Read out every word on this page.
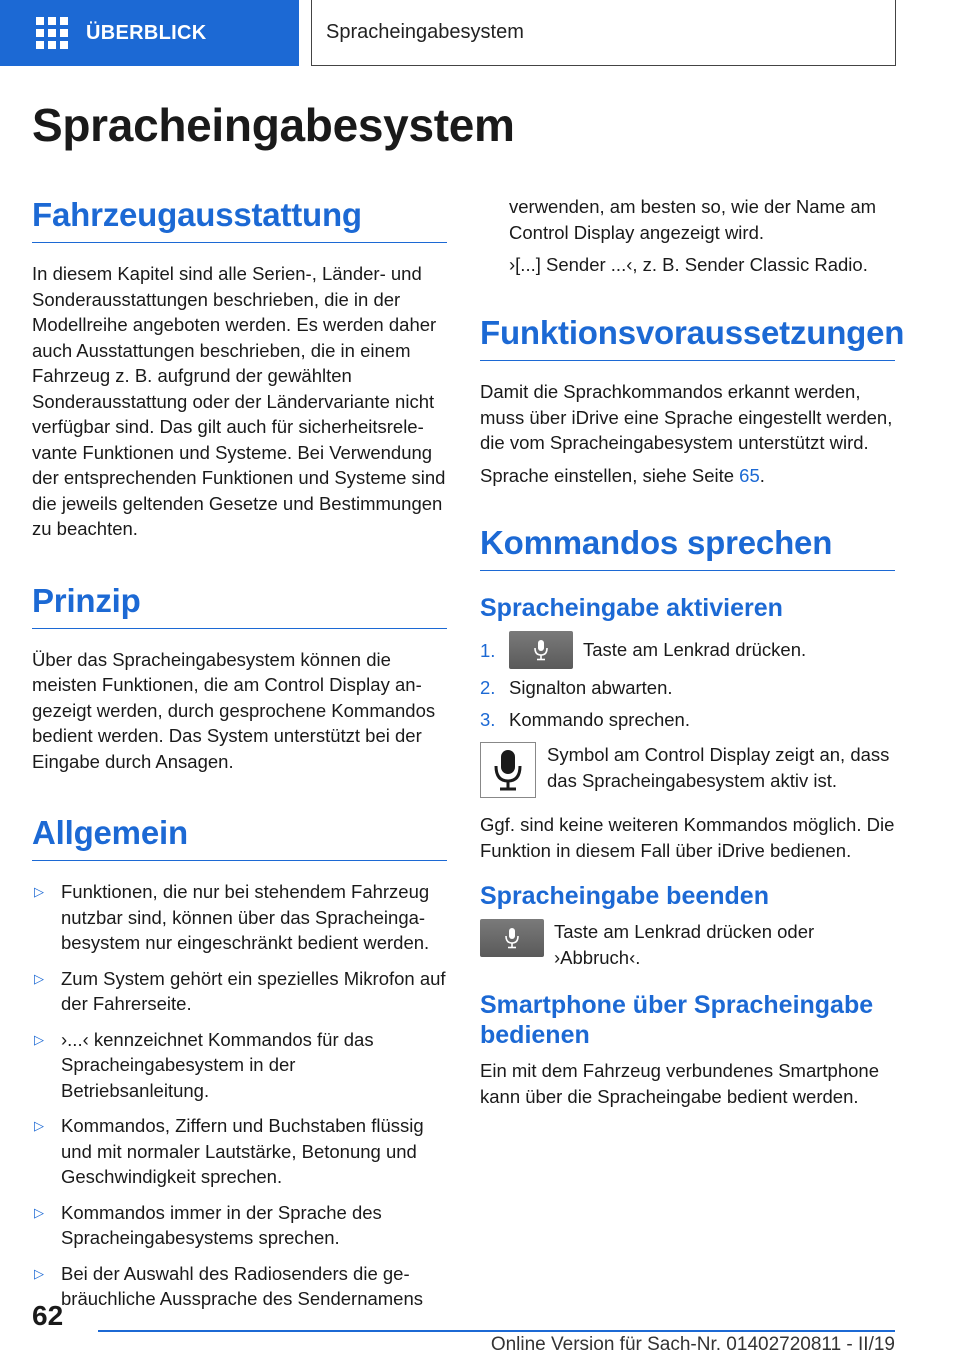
ÜBERBLICK	Spracheingabesystem
Spracheingabesystem
Fahrzeugausstattung

In diesem Kapitel sind alle Serien-, Länder- und Sonderausstattungen beschrieben, die in der Modellreihe angeboten werden. Es werden daher auch Ausstattungen beschrieben, die in einem Fahrzeug z. B. aufgrund der gewählten Sonderausstattung oder der Ländervariante nicht verfügbar sind. Das gilt auch für sicherheitsrelevante Funktionen und Systeme. Bei Verwendung der entsprechenden Funktionen und Systeme sind die jeweils geltenden Gesetze und Bestimmungen zu beachten.

Prinzip

Über das Spracheingabesystem können die meisten Funktionen, die am Control Display angezeigt werden, durch gesprochene Kommandos bedient werden. Das System unterstützt bei der Eingabe durch Ansagen.

Allgemein
▷ Funktionen, die nur bei stehendem Fahrzeug nutzbar sind, können über das Spracheingabesystem nur eingeschränkt bedient werden.
▷ Zum System gehört ein spezielles Mikrofon auf der Fahrerseite.
▷ ›...‹ kennzeichnet Kommandos für das Spracheingabesystem in der Betriebsanleitung.
▷ Kommandos, Ziffern und Buchstaben flüssig und mit normaler Lautstärke, Betonung und Geschwindigkeit sprechen.
▷ Kommandos immer in der Sprache des Spracheingabesystems sprechen.
▷ Bei der Auswahl des Radiosenders die gebräuchliche Aussprache des Sendernamens

verwenden, am besten so, wie der Name am Control Display angezeigt wird.

›[...] Sender ...‹, z. B. Sender Classic Radio.

Funktionsvoraussetzungen

Damit die Sprachkommandos erkannt werden, muss über iDrive eine Sprache eingestellt werden, die vom Spracheingabesystem unterstützt wird.

Sprache einstellen, siehe Seite 65.

Kommandos sprechen
Spracheingabe aktivieren
1.	Taste am Lenkrad drücken.
2. Signalton abwarten.
3. Kommando sprechen.
Symbol am Control Display zeigt an, dass das Spracheingabesystem aktiv ist.

Ggf. sind keine weiteren Kommandos möglich. Die Funktion in diesem Fall über iDrive bedienen.

Spracheingabe beenden
Taste am Lenkrad drücken oder ›Abbruch‹.
Smartphone über Spracheingabe bedienen

Ein mit dem Fahrzeug verbundenes Smartphone kann über die Spracheingabe bedient werden.

62
Online Version für Sach-Nr. 01402720811 - II/19
